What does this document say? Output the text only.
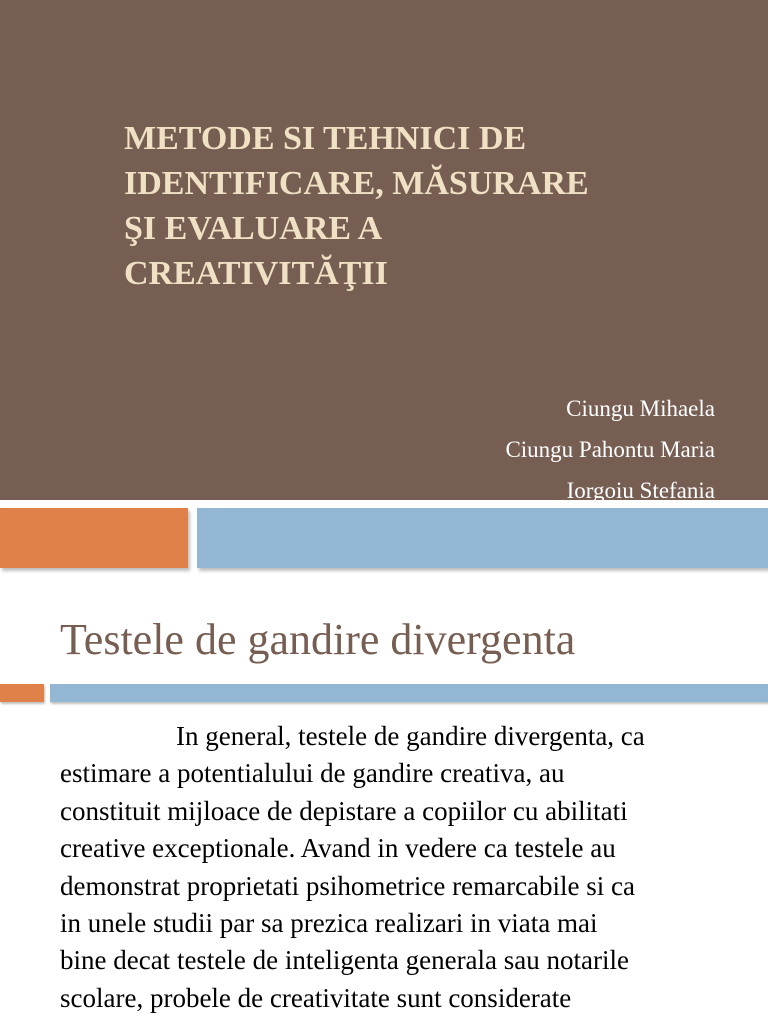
METODE SI TEHNICI DE
IDENTIFICARE, MĂSURARE
ŞI EVALUARE A
CREATIVITĂŢII
Ciungu Mihaela
Ciungu Pahontu Maria
Iorgoiu Stefania
Testele de gandire divergenta
In general, testele de gandire divergenta, ca
estimare a potentialului de gandire creativa, au
constituit mijloace de depistare a copiilor cu abilitati
creative exceptionale. Avand in vedere ca testele au
demonstrat proprietati psihometrice remarcabile si ca
in unele studii par sa prezica realizari in viata mai
bine decat testele de inteligenta generala sau notarile
scolare, probele de creativitate sunt considerate
